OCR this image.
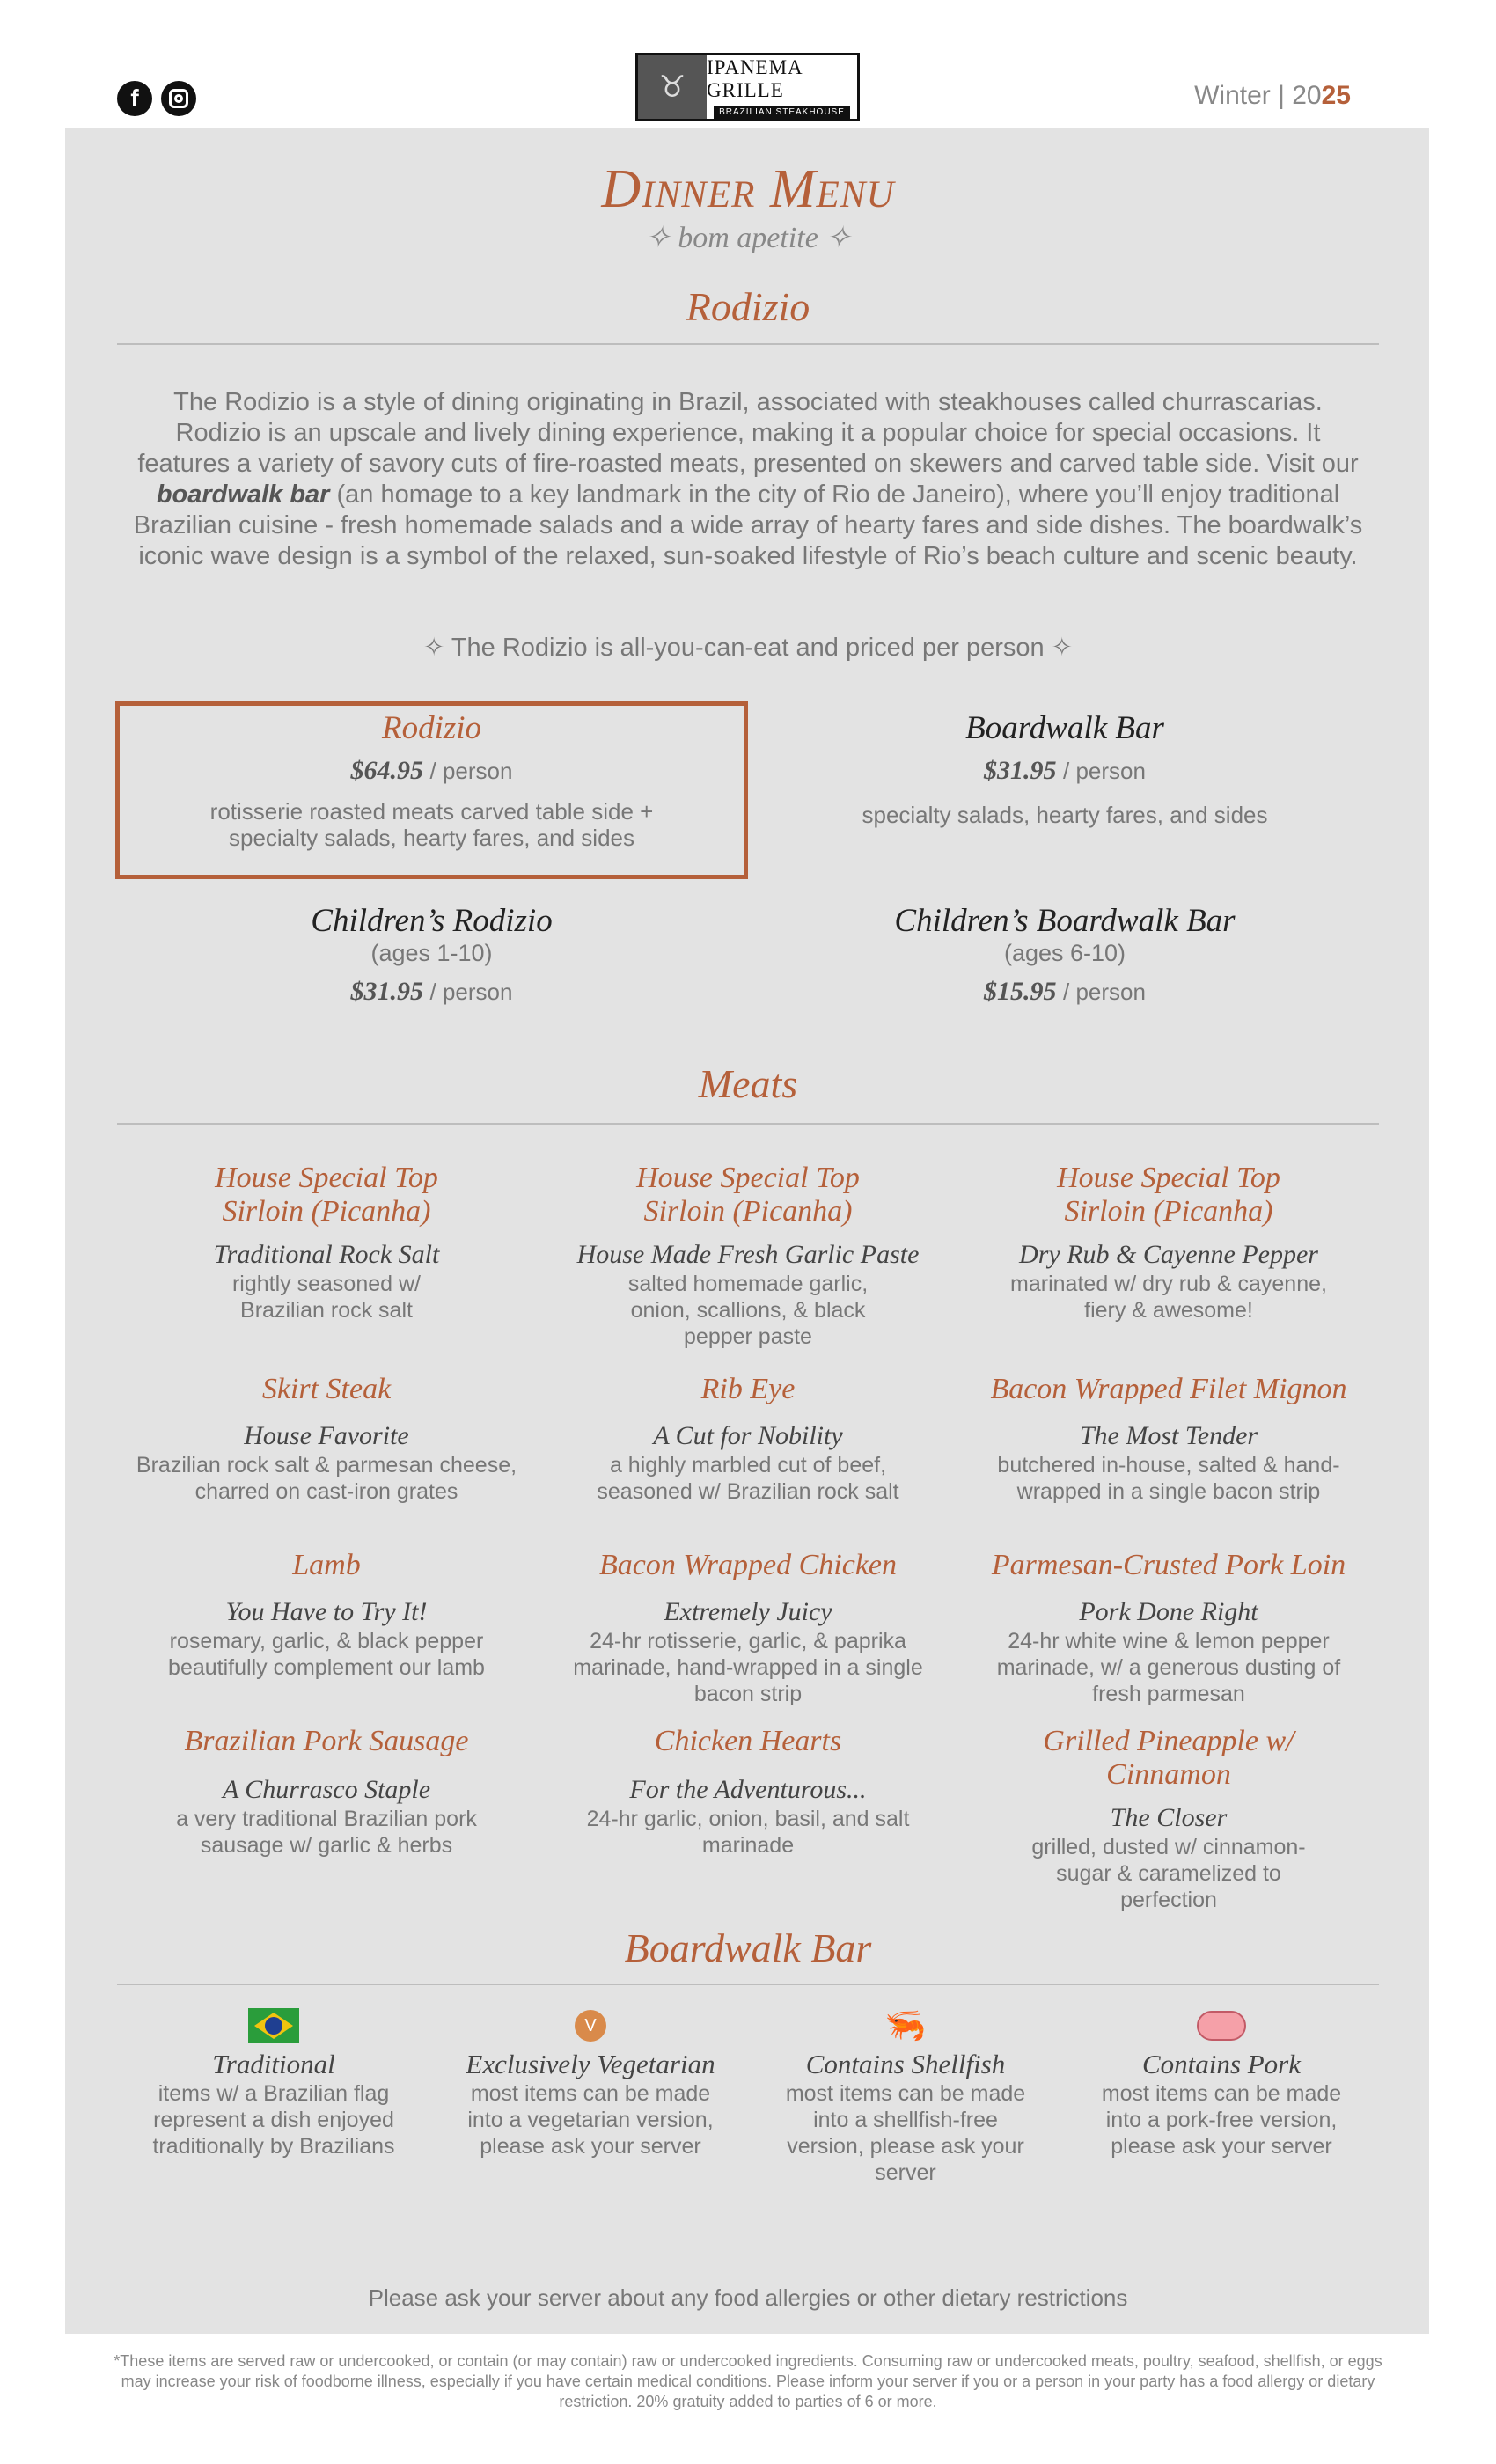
f	♉
IPANEMA GRILLE
BRAZILIAN STEAKHOUSE
Winter | 2025
Dinner Menu
✧ bom apetite ✧
Rodizio
The Rodizio is a style of dining originating in Brazil, associated with steakhouses called churrascarias. Rodizio is an upscale and lively dining experience, making it a popular choice for special occasions. It features a variety of savory cuts of fire-roasted meats, presented on skewers and carved table side. Visit our boardwalk bar (an homage to a key landmark in the city of Rio de Janeiro), where you’ll enjoy traditional Brazilian cuisine - fresh homemade salads and a wide array of hearty fares and side dishes. The boardwalk’s iconic wave design is a symbol of the relaxed, sun-soaked lifestyle of Rio’s beach culture and scenic beauty.
✧ The Rodizio is all-you-can-eat and priced per person ✧
Rodizio
$64.95 / person
rotisserie roasted meats carved table side + specialty salads, hearty fares, and sides
Boardwalk Bar
$31.95 / person
specialty salads, hearty fares, and sides
Children’s Rodizio
(ages 1-10)
$31.95 / person
Children’s Boardwalk Bar
(ages 6-10)
$15.95 / person
Meats
House Special Top Sirloin (Picanha)
Traditional Rock Salt
rightly seasoned w/ Brazilian rock salt
House Special Top Sirloin (Picanha)
House Made Fresh Garlic Paste
salted homemade garlic, onion, scallions, & black pepper paste
House Special Top Sirloin (Picanha)
Dry Rub & Cayenne Pepper
marinated w/ dry rub & cayenne, fiery & awesome!
Skirt Steak
House Favorite
Brazilian rock salt & parmesan cheese, charred on cast-iron grates
Rib Eye
A Cut for Nobility
a highly marbled cut of beef, seasoned w/ Brazilian rock salt
Bacon Wrapped Filet Mignon
The Most Tender
butchered in-house, salted & hand-wrapped in a single bacon strip
Lamb
You Have to Try It!
rosemary, garlic, & black pepper beautifully complement our lamb
Bacon Wrapped Chicken
Extremely Juicy
24-hr rotisserie, garlic, & paprika marinade, hand-wrapped in a single bacon strip
Parmesan-Crusted Pork Loin
Pork Done Right
24-hr white wine & lemon pepper marinade, w/ a generous dusting of fresh parmesan
Brazilian Pork Sausage
A Churrasco Staple
a very traditional Brazilian pork sausage w/ garlic & herbs
Chicken Hearts
For the Adventurous...
24-hr garlic, onion, basil, and salt marinade
Grilled Pineapple w/ Cinnamon
The Closer
grilled, dusted w/ cinnamon-sugar & caramelized to perfection
Boardwalk Bar
Traditional
items w/ a Brazilian flag represent a dish enjoyed traditionally by Brazilians
V
Exclusively Vegetarian
most items can be made into a vegetarian version, please ask your server
🦐
Contains Shellfish
most items can be made into a shellfish-free version, please ask your server
Contains Pork
most items can be made into a pork-free version, please ask your server
Please ask your server about any food allergies or other dietary restrictions
*These items are served raw or undercooked, or contain (or may contain) raw or undercooked ingredients. Consuming raw or undercooked meats, poultry, seafood, shellfish, or eggs may increase your risk of foodborne illness, especially if you have certain medical conditions. Please inform your server if you or a person in your party has a food allergy or dietary restriction. 20% gratuity added to parties of 6 or more.
